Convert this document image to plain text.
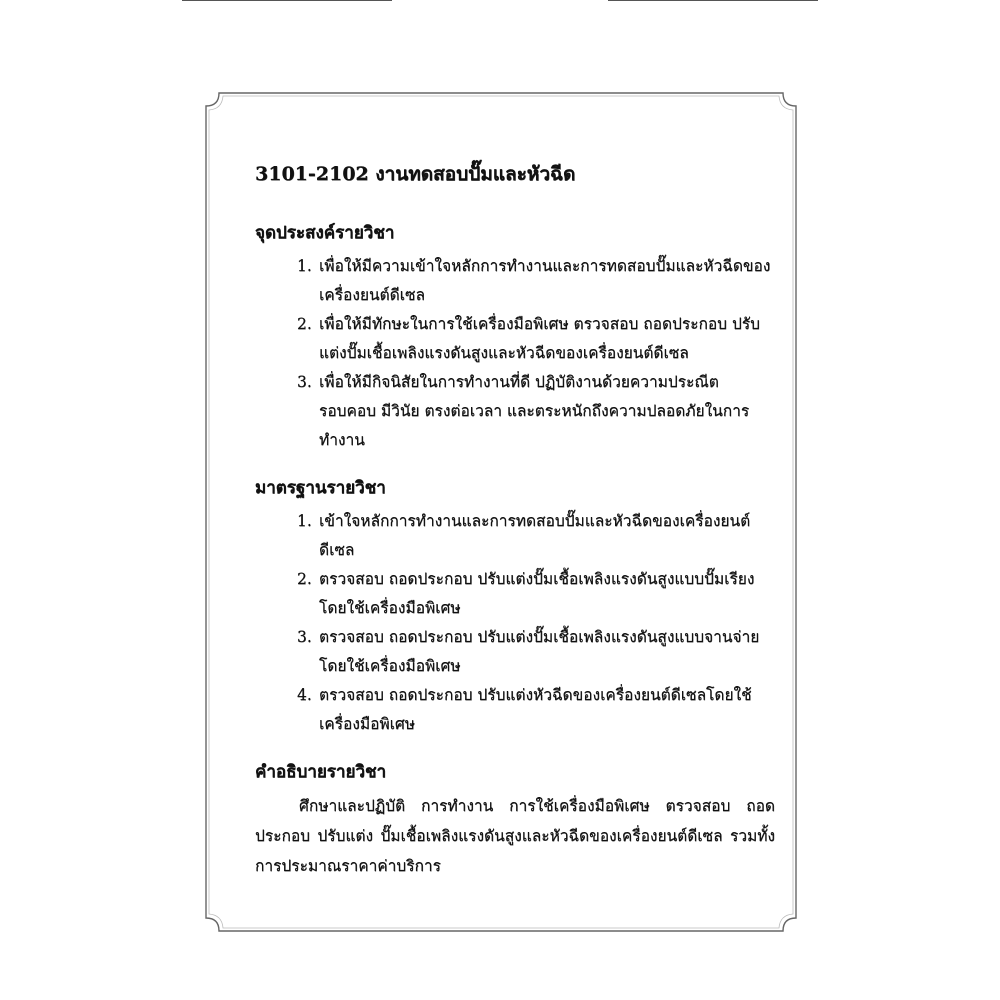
3101-2102 งานทดสอบปั๊มและหัวฉีด
จุดประสงค์รายวิชา
1. เพื่อให้มีความเข้าใจหลักการทำงานและการทดสอบปั๊มและหัวฉีดของเครื่องยนต์ดีเซล
2. เพื่อให้มีทักษะในการใช้เครื่องมือพิเศษ ตรวจสอบ ถอดประกอบ ปรับแต่งปั๊มเชื้อเพลิงแรงดันสูงและหัวฉีดของเครื่องยนต์ดีเซล
3. เพื่อให้มีกิจนิสัยในการทำงานที่ดี ปฏิบัติงานด้วยความประณีต รอบคอบ มีวินัย ตรงต่อเวลา และตระหนักถึงความปลอดภัยในการทำงาน
มาตรฐานรายวิชา
1. เข้าใจหลักการทำงานและการทดสอบปั๊มและหัวฉีดของเครื่องยนต์ดีเซล
2. ตรวจสอบ ถอดประกอบ ปรับแต่งปั๊มเชื้อเพลิงแรงดันสูงแบบปั๊มเรียงโดยใช้เครื่องมือพิเศษ
3. ตรวจสอบ ถอดประกอบ ปรับแต่งปั๊มเชื้อเพลิงแรงดันสูงแบบจานจ่ายโดยใช้เครื่องมือพิเศษ
4. ตรวจสอบ ถอดประกอบ ปรับแต่งหัวฉีดของเครื่องยนต์ดีเซลโดยใช้เครื่องมือพิเศษ
คำอธิบายรายวิชา

ศึกษาและปฏิบัติ การทำงาน การใช้เครื่องมือพิเศษ ตรวจสอบ ถอดประกอบ ปรับแต่ง ปั๊มเชื้อเพลิงแรงดันสูงและหัวฉีดของเครื่องยนต์ดีเซล รวมทั้งการประมาณราคาค่าบริการ
